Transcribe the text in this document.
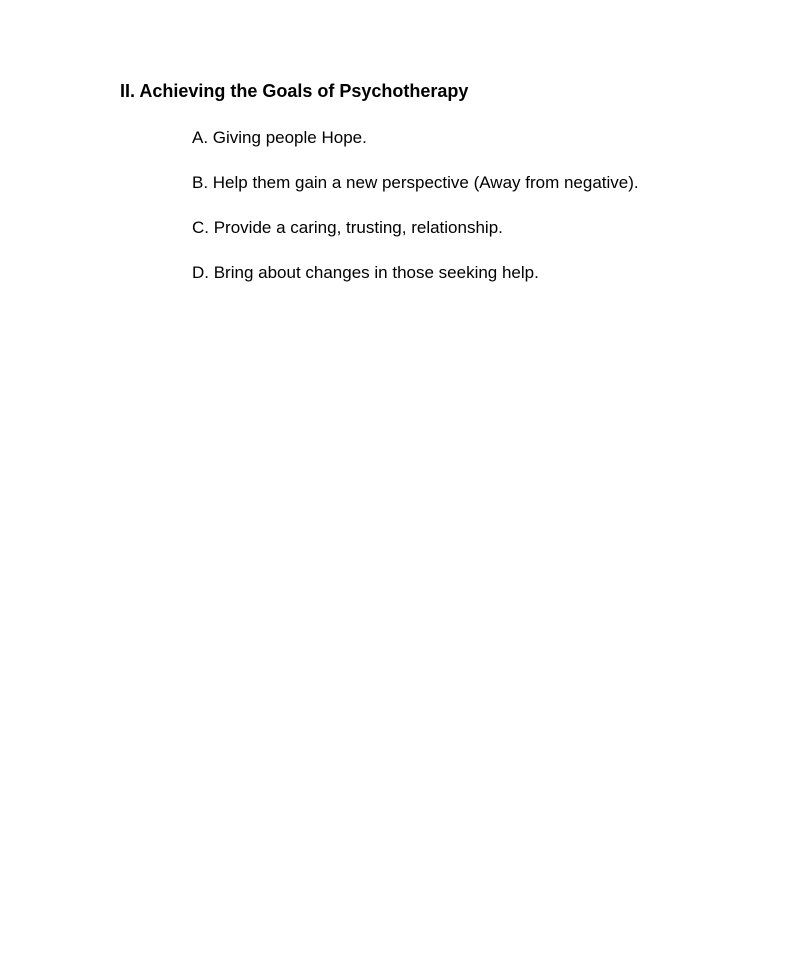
II. Achieving the Goals of Psychotherapy
A. Giving people Hope.
B. Help them gain a new perspective (Away from negative).
C. Provide a caring, trusting, relationship.
D. Bring about changes in those seeking help.
